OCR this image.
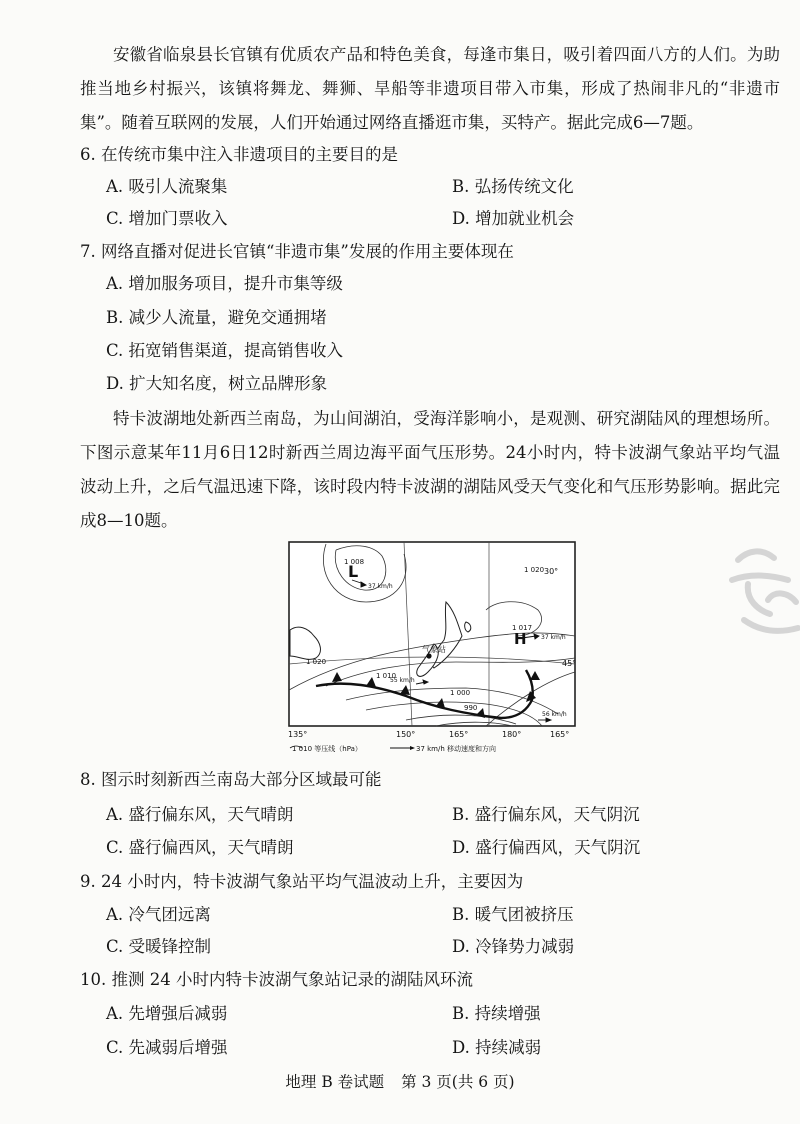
安徽省临泉县长官镇有优质农产品和特色美食，每逢市集日，吸引着四面八方的人们。为助推当地乡村振兴，该镇将舞龙、舞狮、旱船等非遗项目带入市集，形成了热闹非凡的“非遗市集”。随着互联网的发展，人们开始通过网络直播逛市集，买特产。据此完成6—7题。

6. 在传统市集中注入非遗项目的主要目的是
A. 吸引人流聚集	B. 弘扬传统文化
C. 增加门票收入	D. 增加就业机会
7. 网络直播对促进长官镇“非遗市集”发展的作用主要体现在
A. 增加服务项目，提升市集等级
B. 减少人流量，避免交通拥堵
C. 拓宽销售渠道，提高销售收入
D. 扩大知名度，树立品牌形象

特卡波湖地处新西兰南岛，为山间湖泊，受海洋影响小，是观测、研究湖陆风的理想场所。下图示意某年11月6日12时新西兰周边海平面气压形势。24小时内，特卡波湖气象站平均气温波动上升，之后气温迅速下降，该时段内特卡波湖的湖陆风受天气变化和气压形势影响。据此完成8—10题。

L
H
1 008
1 020
1 020
1 017
1 010
1 000
990
37 km/h
37 km/h
55 km/h
56 km/h
气象站
30°
45°
135°	150°	165°	180°	165°
1 010 等压线（hPa）	37 km/h 移动速度和方向
8. 图示时刻新西兰南岛大部分区域最可能
A. 盛行偏东风，天气晴朗	B. 盛行偏东风，天气阴沉
C. 盛行偏西风，天气晴朗	D. 盛行偏西风，天气阴沉
9. 24 小时内，特卡波湖气象站平均气温波动上升，主要因为
A. 冷气团远离	B. 暖气团被挤压
C. 受暖锋控制	D. 冷锋势力减弱
10. 推测 24 小时内特卡波湖气象站记录的湖陆风环流
A. 先增强后减弱	B. 持续增强
C. 先减弱后增强	D. 持续减弱
地理 B 卷试题 第 3 页(共 6 页)
